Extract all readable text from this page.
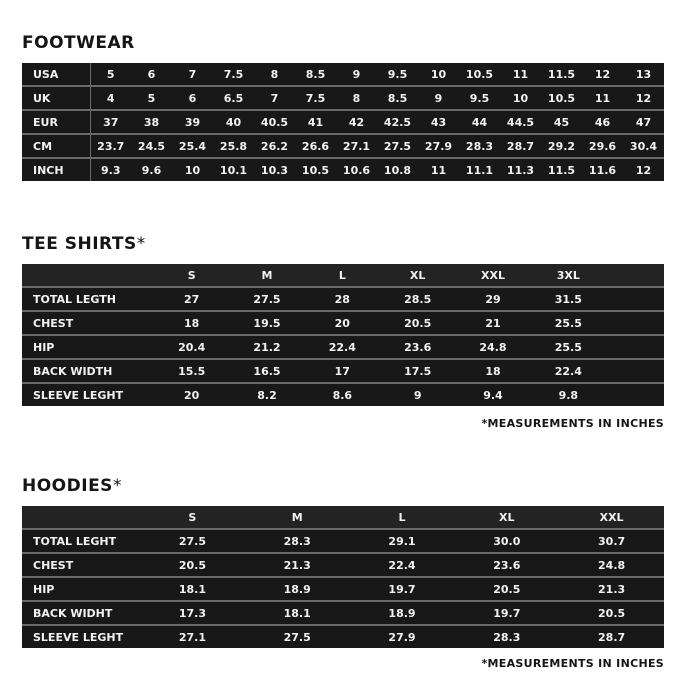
FOOTWEAR
USA	5	6	7	7.5	8	8.5	9	9.5	10	10.5	11	11.5	12	13
UK	4	5	6	6.5	7	7.5	8	8.5	9	9.5	10	10.5	11	12
EUR	37	38	39	40	40.5	41	42	42.5	43	44	44.5	45	46	47
CM	23.7	24.5	25.4	25.8	26.2	26.6	27.1	27.5	27.9	28.3	28.7	29.2	29.6	30.4
INCH	9.3	9.6	10	10.1	10.3	10.5	10.6	10.8	11	11.1	11.3	11.5	11.6	12
TEE SHIRTS*
	S	M	L	XL	XXL	3XL	
TOTAL LEGTH	27	27.5	28	28.5	29	31.5	
CHEST	18	19.5	20	20.5	21	25.5	
HIP	20.4	21.2	22.4	23.6	24.8	25.5	
BACK WIDTH	15.5	16.5	17	17.5	18	22.4	
SLEEVE LEGHT	20	8.2	8.6	9	9.4	9.8	
*MEASUREMENTS IN INCHES
HOODIES*
	S	M	L	XL	XXL
TOTAL LEGHT	27.5	28.3	29.1	30.0	30.7
CHEST	20.5	21.3	22.4	23.6	24.8
HIP	18.1	18.9	19.7	20.5	21.3
BACK WIDHT	17.3	18.1	18.9	19.7	20.5
SLEEVE LEGHT	27.1	27.5	27.9	28.3	28.7
*MEASUREMENTS IN INCHES
